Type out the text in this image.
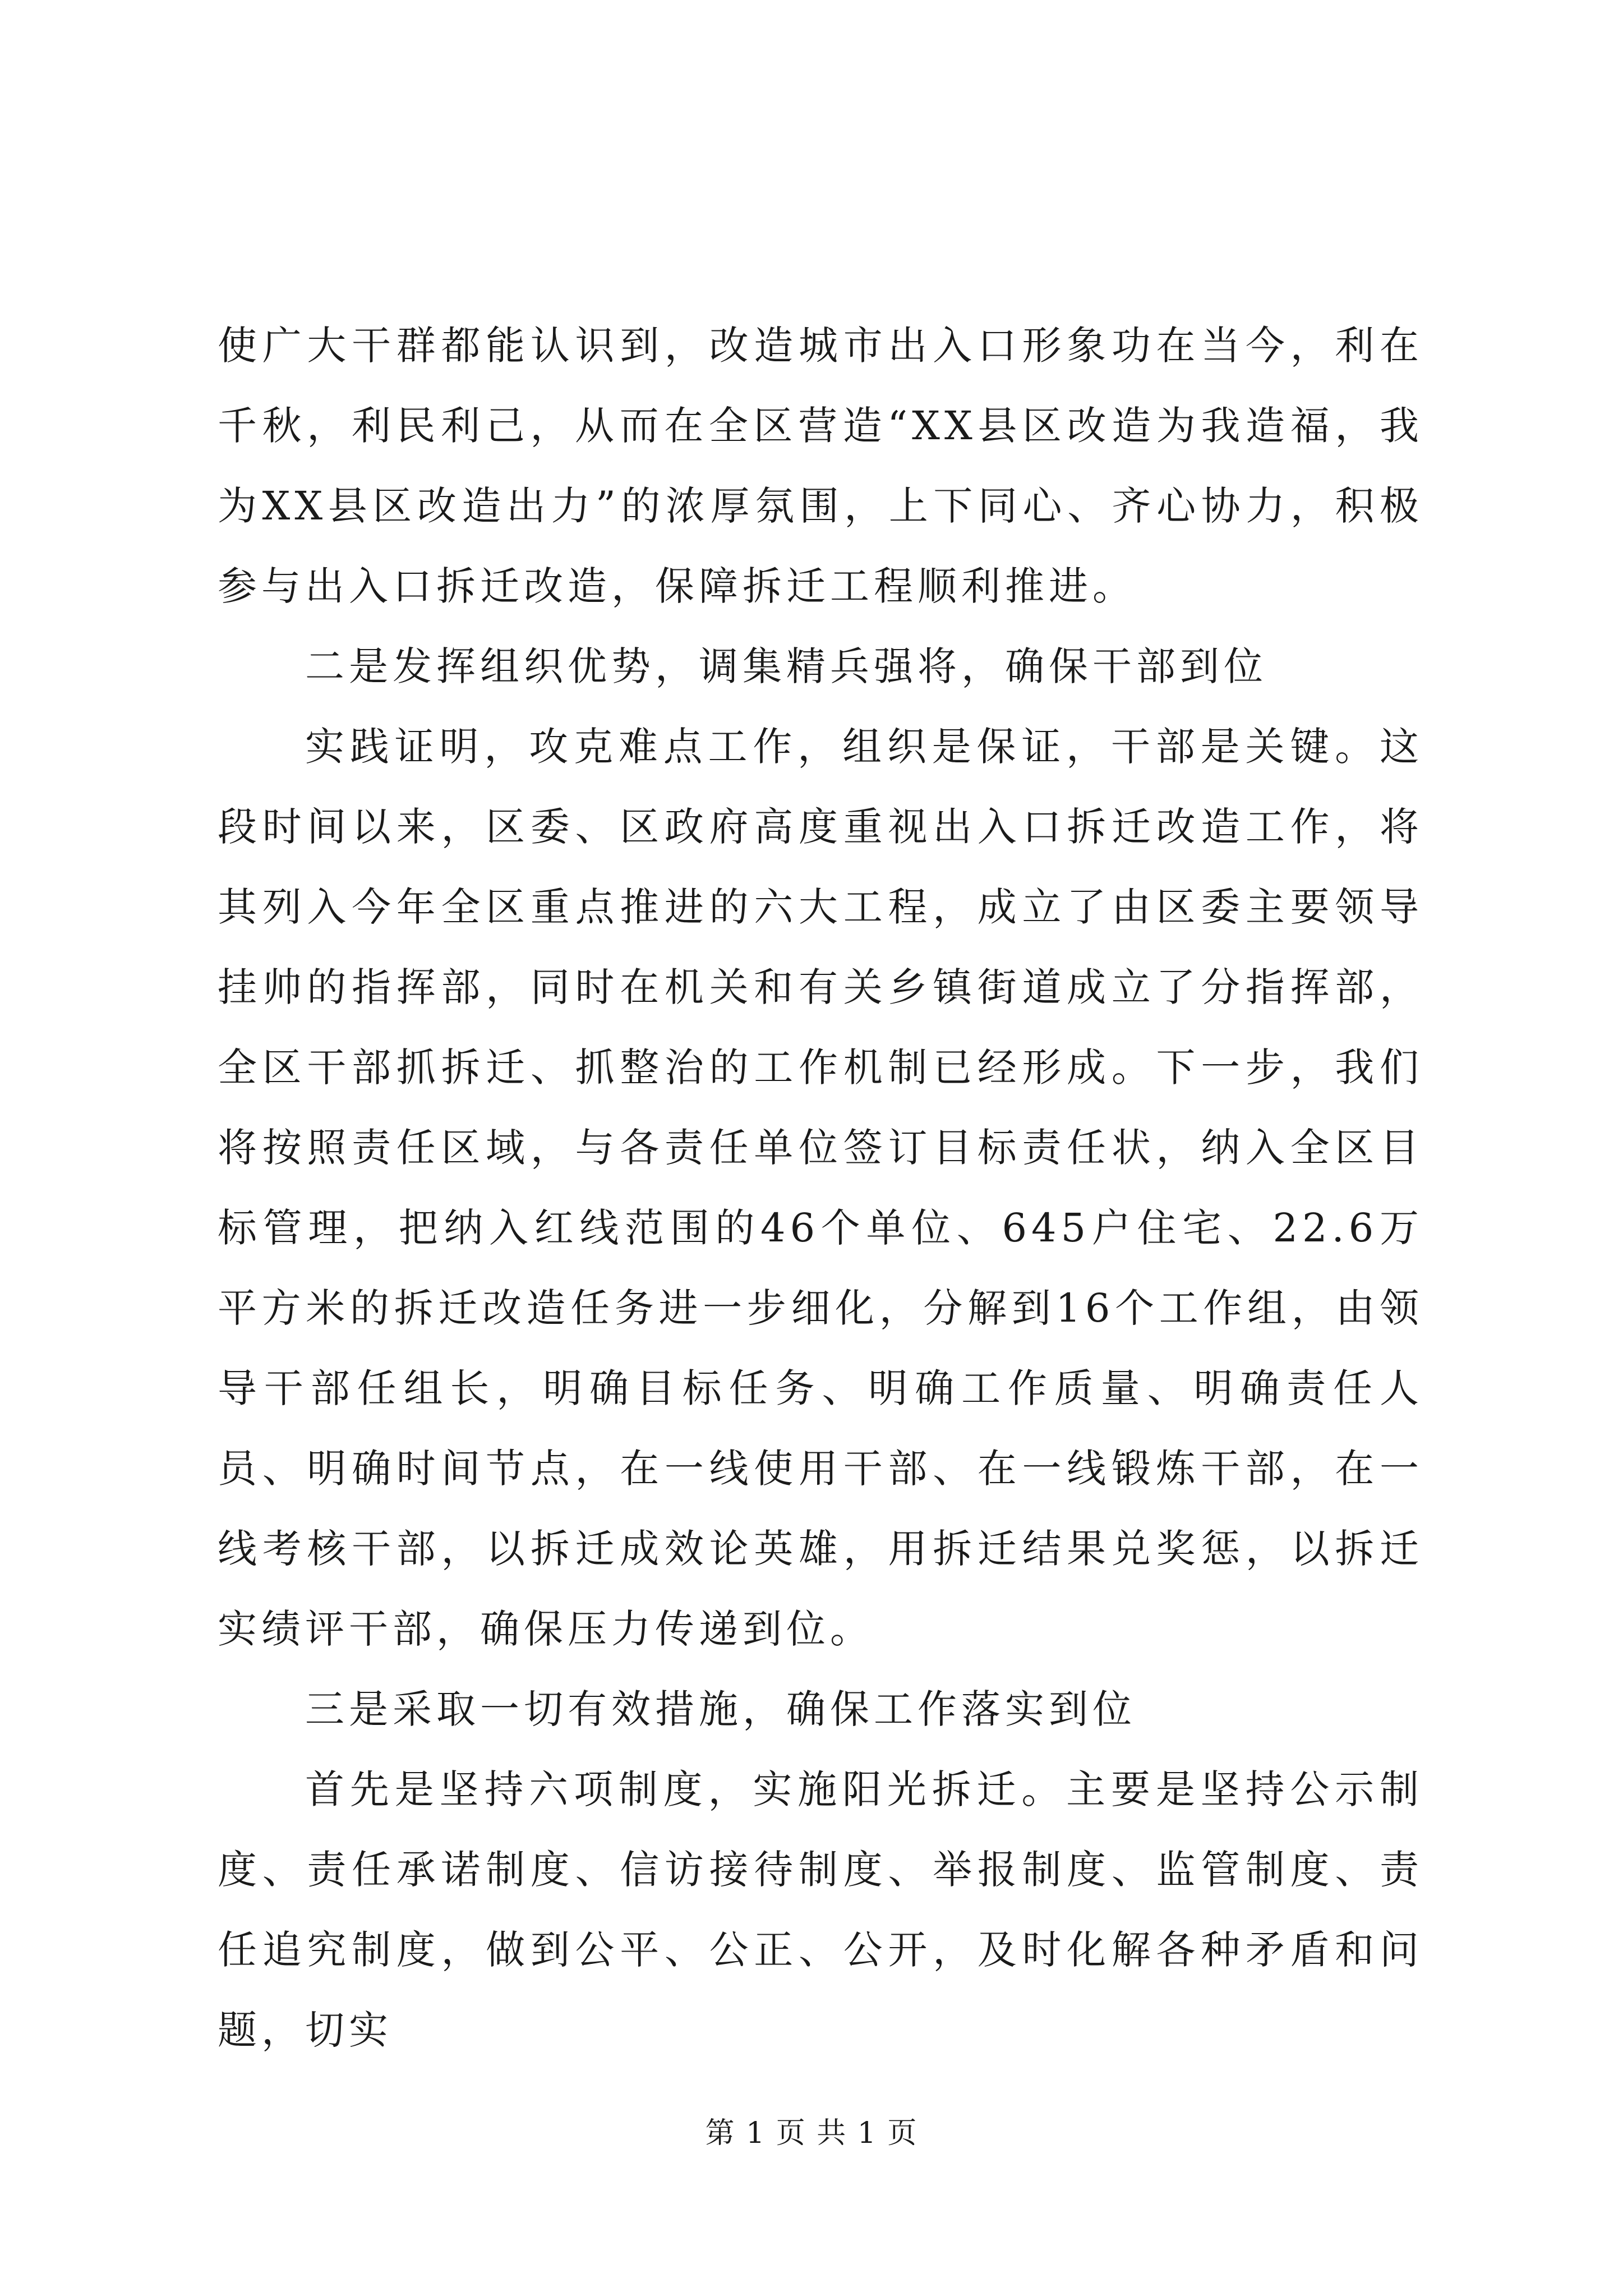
使广大干群都能认识到，改造城市出入口形象功在当今，利在千秋，利民利己，从而在全区营造“XX县区改造为我造福，我为XX县区改造出力”的浓厚氛围，上下同心、齐心协力，积极参与出入口拆迁改造，保障拆迁工程顺利推进。

二是发挥组织优势，调集精兵强将，确保干部到位

实践证明，攻克难点工作，组织是保证，干部是关键。这段时间以来，区委、区政府高度重视出入口拆迁改造工作，将其列入今年全区重点推进的六大工程，成立了由区委主要领导挂帅的指挥部，同时在机关和有关乡镇街道成立了分指挥部，全区干部抓拆迁、抓整治的工作机制已经形成。下一步，我们将按照责任区域，与各责任单位签订目标责任状，纳入全区目标管理，把纳入红线范围的46个单位、645户住宅、22.6万平方米的拆迁改造任务进一步细化，分解到16个工作组，由领导干部任组长，明确目标任务、明确工作质量、明确责任人员、明确时间节点，在一线使用干部、在一线锻炼干部，在一线考核干部，以拆迁成效论英雄，用拆迁结果兑奖惩，以拆迁实绩评干部，确保压力传递到位。

三是采取一切有效措施，确保工作落实到位

首先是坚持六项制度，实施阳光拆迁。主要是坚持公示制度、责任承诺制度、信访接待制度、举报制度、监管制度、责任追究制度，做到公平、公正、公开，及时化解各种矛盾和问题，切实

第 1 页 共 1 页
